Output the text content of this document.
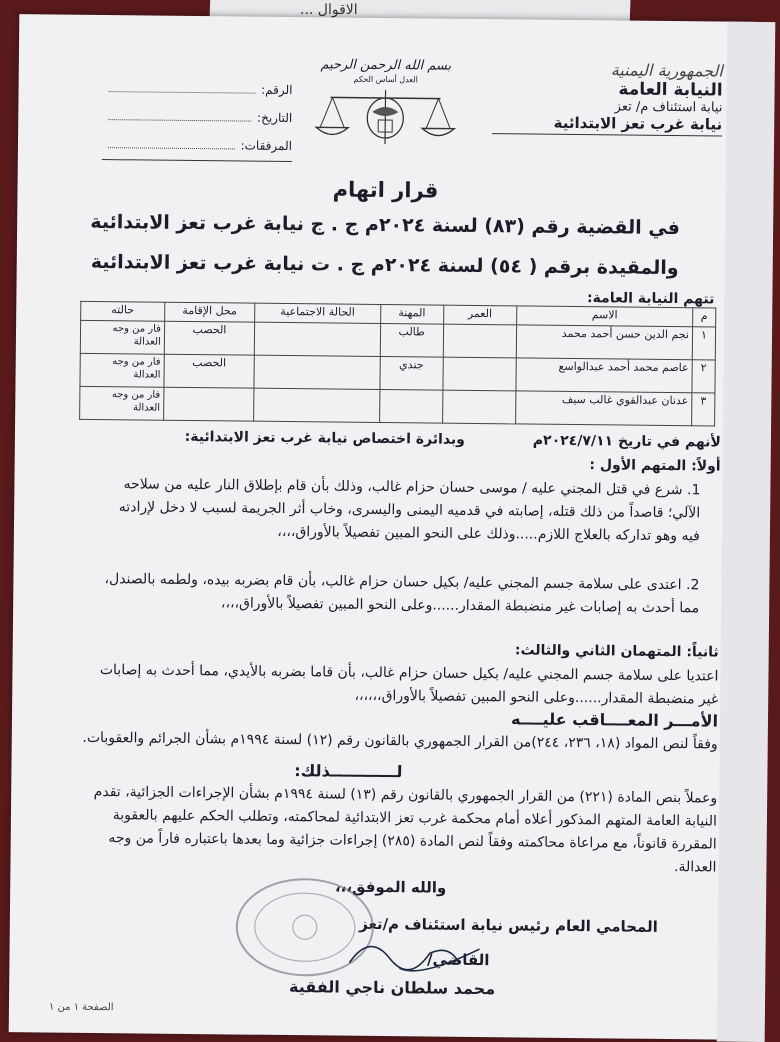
الاقوال ...
الجمهورية اليمنية
النيابة العامة
نيابة استئناف م/ تعز
نيابة غرب تعز الابتدائية
بسم الله الرحمن الرحيم
العدل أساس الحكم
الرقم:
التاريخ:
المرفقات:
قرار اتهام
في القضية رقم (٨٣) لسنة ٢٠٢٤م ج . ج نيابة غرب تعز الابتدائية
والمقيدة برقم ( ٥٤) لسنة ٢٠٢٤م ج . ت نيابة غرب تعز الابتدائية
تتهم النيابة العامة:
م	الاسم	العمر	المهنة	الحالة الاجتماعية	محل الإقامة	حالته
١	نجم الدين حسن أحمد محمد		طالب		الحصب	فار من وجه العدالة
٢	عاصم محمد أحمد عبدالواسع		جندي		الحصب	فار من وجه العدالة
٣	عدنان عبدالقوي غالب سيف					فار من وجه العدالة
لأنهم في تاريخ ٢٠٢٤/٧/١١م
وبدائرة اختصاص نيابة غرب تعز الابتدائية:
أولاً: المتهم الأول :
1. شرع في قتل المجني عليه / موسى حسان حزام غالب، وذلك بأن قام بإطلاق النار عليه من سلاحه الآلي؛ قاصداً من ذلك قتله، إصابته في قدميه اليمنى واليسرى، وخاب أثر الجريمة لسبب لا دخل لإرادته فيه وهو تداركه بالعلاج اللازم.....وذلك على النحو المبين تفصيلاً بالأوراق،،،،
2. اعتدى على سلامة جسم المجني عليه/ بكيل حسان حزام غالب، بأن قام بضربه بيده، ولطمه بالصندل، مما أحدث به إصابات غير منضبطة المقدار......وعلى النحو المبين تفصيلاً بالأوراق،،،،
ثانياً: المتهمان الثاني والثالث:
اعتديا على سلامة جسم المجني عليه/ بكيل حسان حزام غالب، بأن قاما بضربه بالأيدي، مما أحدث به إصابات غير منضبطة المقدار......وعلى النحو المبين تفصيلاً بالأوراق،،،،،،
الأمـــر المعــــاقب عليــــه
وفقاً لنص المواد (١٨، ٢٣٦، ٢٤٤)من القرار الجمهوري بالقانون رقم (١٢) لسنة ١٩٩٤م بشأن الجرائم والعقوبات.
لــــــــــــذلك:
وعملاً بنص المادة (٢٢١) من القرار الجمهوري بالقانون رقم (١٣) لسنة ١٩٩٤م بشأن الإجراءات الجزائية، تقدم النيابة العامة المتهم المذكور أعلاه أمام محكمة غرب تعز الابتدائية لمحاكمته، وتطلب الحكم عليهم بالعقوبة المقررة قانوناً، مع مراعاة محاكمته وفقاً لنص المادة (٢٨٥) إجراءات جزائية وما بعدها باعتباره فاراً من وجه العدالة.
والله الموفق،،،
المحامي العام رئيس نيابة استئناف م/تعز
القاضي/
محمد سلطان ناجي الفقية
الصفحة ١ من ١
